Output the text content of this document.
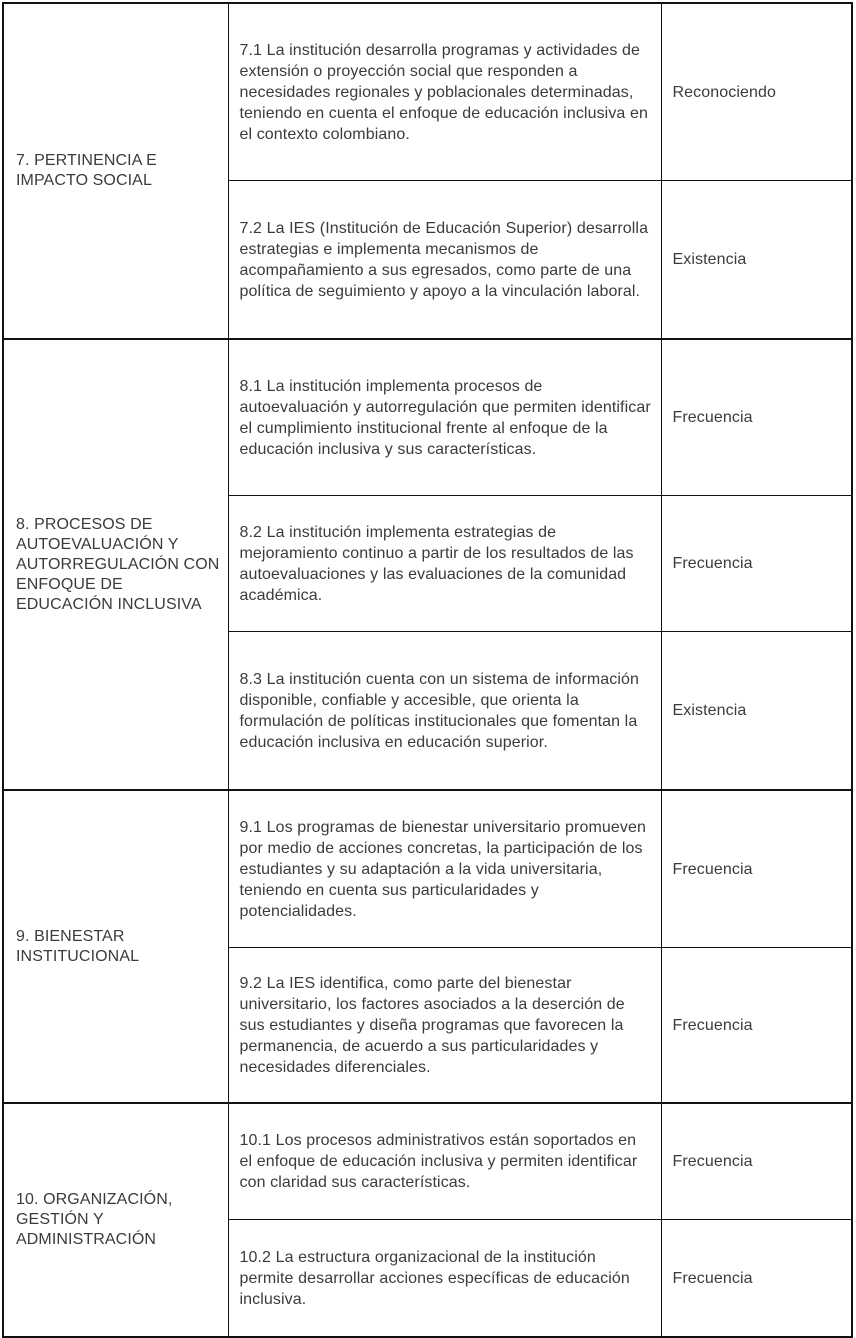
7. PERTINENCIA E IMPACTO SOCIAL	7.1 La institución desarrolla programas y actividades de extensión o proyección social que responden a necesidades regionales y poblacionales determinadas, teniendo en cuenta el enfoque de educación inclusiva en el contexto colombiano.	Reconociendo
	7.2 La IES (Institución de Educación Superior) desarrolla estrategias e implementa mecanismos de acompañamiento a sus egresados, como parte de una política de seguimiento y apoyo a la vinculación laboral.	Existencia
8. PROCESOS DE AUTOEVALUACIÓN Y AUTORREGULACIÓN CON ENFOQUE DE EDUCACIÓN INCLUSIVA	8.1 La institución implementa procesos de autoevaluación y autorregulación que permiten identificar el cumplimiento institucional frente al enfoque de la educación inclusiva y sus características.	Frecuencia
	8.2 La institución implementa estrategias de mejoramiento continuo a partir de los resultados de las autoevaluaciones y las evaluaciones de la comunidad académica.	Frecuencia
	8.3 La institución cuenta con un sistema de información disponible, confiable y accesible, que orienta la formulación de políticas institucionales que fomentan la educación inclusiva en educación superior.	Existencia
9. BIENESTAR INSTITUCIONAL	9.1 Los programas de bienestar universitario promueven por medio de acciones concretas, la participación de los estudiantes y su adaptación a la vida universitaria, teniendo en cuenta sus particularidades y potencialidades.	Frecuencia
	9.2 La IES identifica, como parte del bienestar universitario, los factores asociados a la deserción de sus estudiantes y diseña programas que favorecen la permanencia, de acuerdo a sus particularidades y necesidades diferenciales.	Frecuencia
10. ORGANIZACIÓN, GESTIÓN Y ADMINISTRACIÓN	10.1 Los procesos administrativos están soportados en el enfoque de educación inclusiva y permiten identificar con claridad sus características.	Frecuencia
	10.2 La estructura organizacional de la institución permite desarrollar acciones específicas de educación inclusiva.	Frecuencia
